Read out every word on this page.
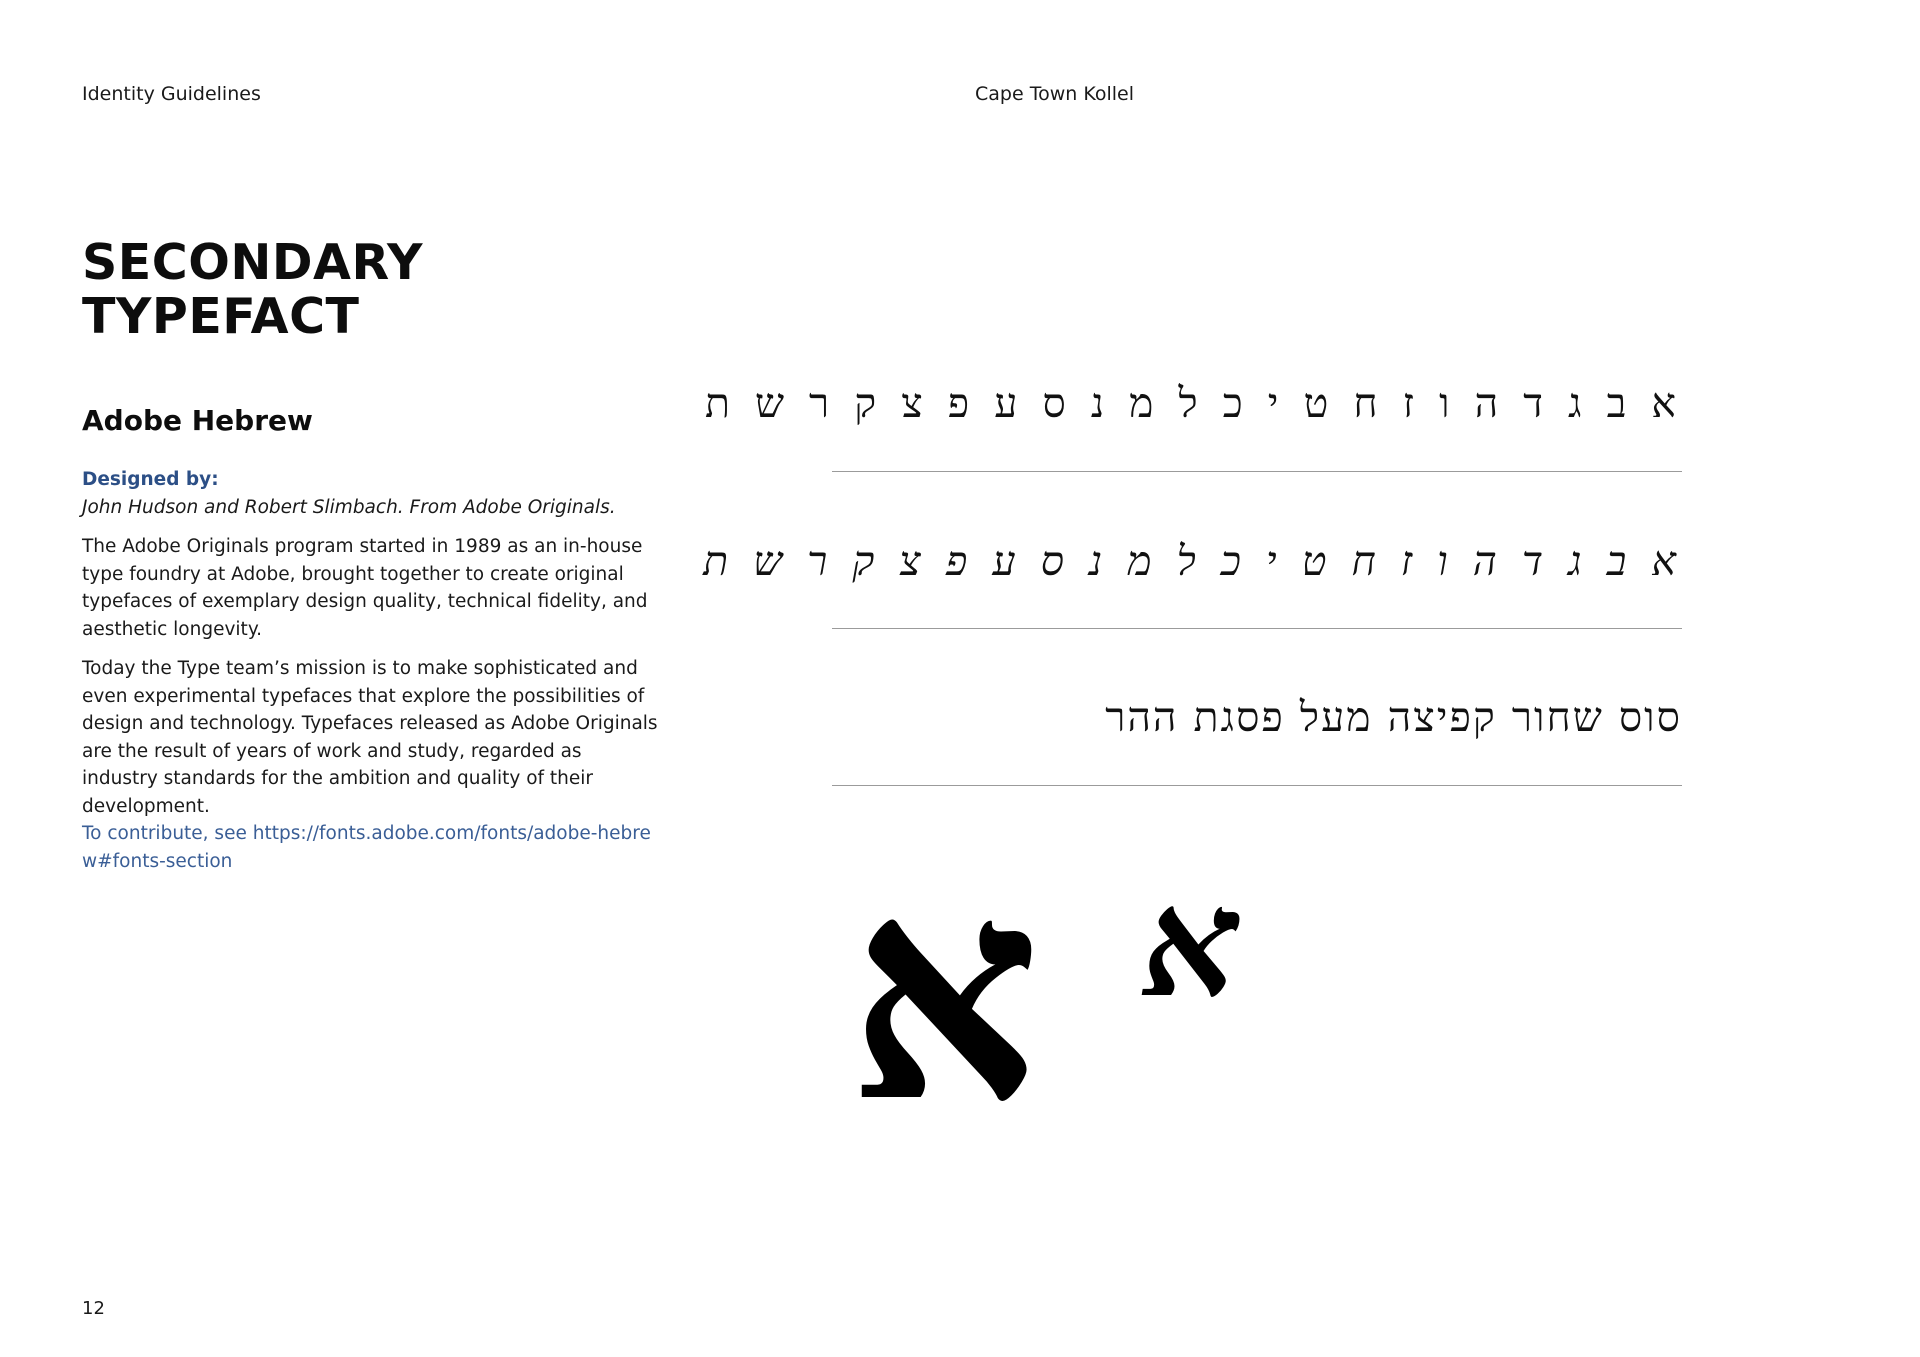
Identity Guidelines	Cape Town Kollel
SECONDARY
TYPEFACT
Adobe Hebrew

Designed by:

John Hudson and Robert Slimbach. From Adobe Originals.

The Adobe Originals program started in 1989 as an in-house type foundry at Adobe, brought together to create original typefaces of exemplary design quality, technical fidelity, and aesthetic longevity.

Today the Type team’s mission is to make sophisticated and even experimental typefaces that explore the possibilities of design and technology. Typefaces released as Adobe Originals are the result of years of work and study, regarded as industry standards for the ambition and quality of their development.

To contribute, see https://fonts.adobe.com/fonts/adobe-hebrew#fonts-section
א ב ג ד ה ו ז ח ט י כ ל מ נ ס ע פ צ ק ר ש ת
א ב ג ד ה ו ז ח ט י כ ל מ נ ס ע פ צ ק ר ש ת
סוס שחור קפיצה מעל פסגת ההר
א א
12
